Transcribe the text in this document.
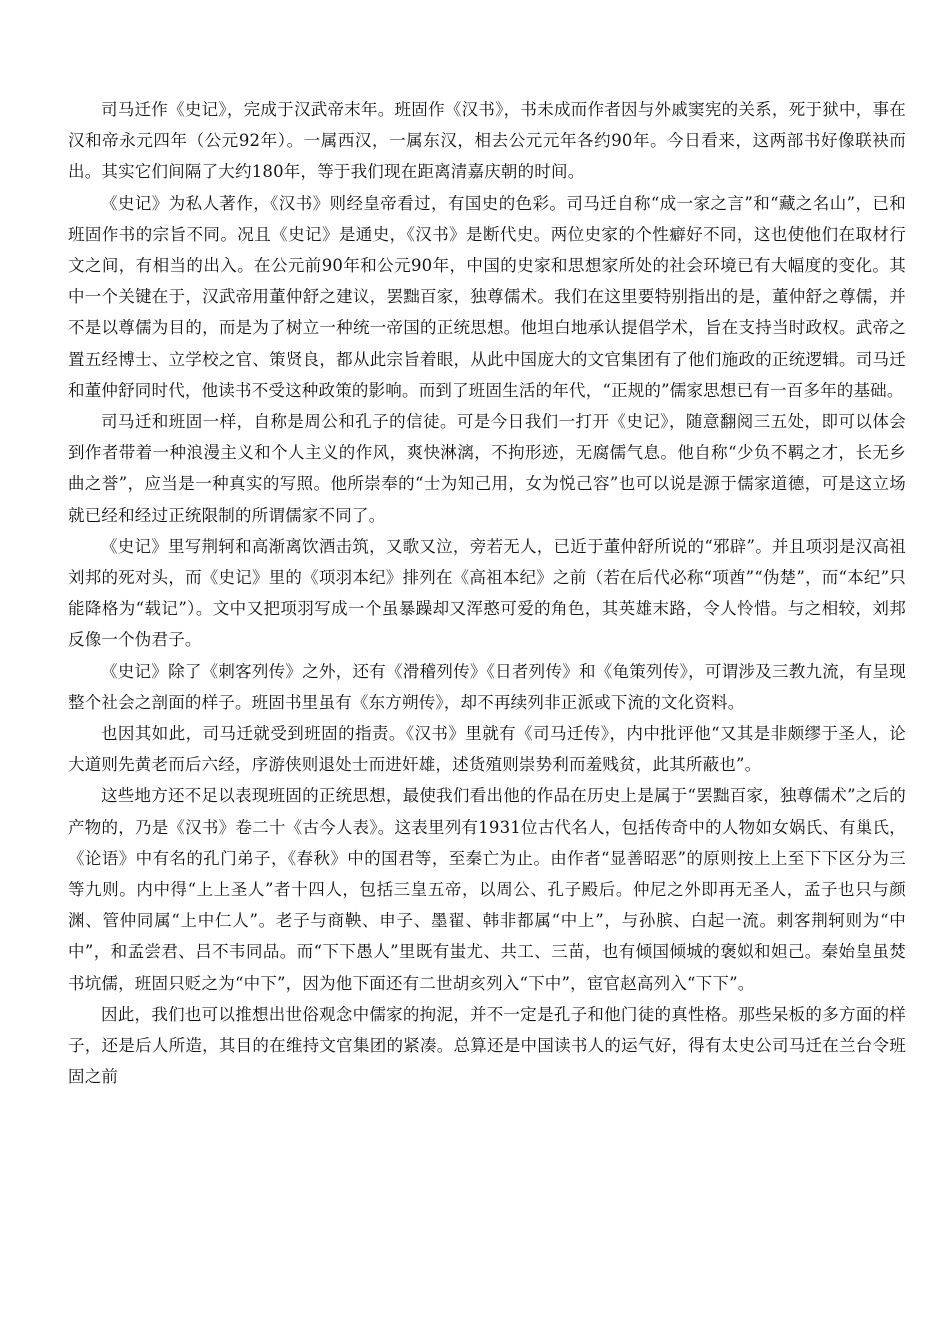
司马迁作《史记》，完成于汉武帝末年。班固作《汉书》，书未成而作者因与外戚窦宪的关系，死于狱中，事在汉和帝永元四年（公元92年）。一属西汉，一属东汉，相去公元元年各约90年。今日看来，这两部书好像联袂而出。其实它们间隔了大约180年，等于我们现在距离清嘉庆朝的时间。

《史记》为私人著作，《汉书》则经皇帝看过，有国史的色彩。司马迁自称“成一家之言”和“藏之名山”，已和班固作书的宗旨不同。况且《史记》是通史，《汉书》是断代史。两位史家的个性癖好不同，这也使他们在取材行文之间，有相当的出入。在公元前90年和公元90年，中国的史家和思想家所处的社会环境已有大幅度的变化。其中一个关键在于，汉武帝用董仲舒之建议，罢黜百家，独尊儒术。我们在这里要特别指出的是，董仲舒之尊儒，并不是以尊儒为目的，而是为了树立一种统一帝国的正统思想。他坦白地承认提倡学术，旨在支持当时政权。武帝之置五经博士、立学校之官、策贤良，都从此宗旨着眼，从此中国庞大的文官集团有了他们施政的正统逻辑。司马迁和董仲舒同时代，他读书不受这种政策的影响。而到了班固生活的年代，“正规的”儒家思想已有一百多年的基础。

司马迁和班固一样，自称是周公和孔子的信徒。可是今日我们一打开《史记》，随意翻阅三五处，即可以体会到作者带着一种浪漫主义和个人主义的作风，爽快淋漓，不拘形迹，无腐儒气息。他自称“少负不羁之才，长无乡曲之誉”，应当是一种真实的写照。他所崇奉的“士为知己用，女为悦己容”也可以说是源于儒家道德，可是这立场就已经和经过正统限制的所谓儒家不同了。

《史记》里写荆轲和高渐离饮酒击筑，又歌又泣，旁若无人，已近于董仲舒所说的“邪辟”。并且项羽是汉高祖刘邦的死对头，而《史记》里的《项羽本纪》排列在《高祖本纪》之前（若在后代必称“项酋”“伪楚”，而“本纪”只能降格为“载记”）。文中又把项羽写成一个虽暴躁却又浑憨可爱的角色，其英雄末路，令人怜惜。与之相较，刘邦反像一个伪君子。

《史记》除了《刺客列传》之外，还有《滑稽列传》《日者列传》和《龟策列传》，可谓涉及三教九流，有呈现整个社会之剖面的样子。班固书里虽有《东方朔传》，却不再续列非正派或下流的文化资料。

也因其如此，司马迁就受到班固的指责。《汉书》里就有《司马迁传》，内中批评他“又其是非颇缪于圣人，论大道则先黄老而后六经，序游侠则退处士而进奸雄，述货殖则崇势利而羞贱贫，此其所蔽也”。

这些地方还不足以表现班固的正统思想，最使我们看出他的作品在历史上是属于“罢黜百家，独尊儒术”之后的产物的，乃是《汉书》卷二十《古今人表》。这表里列有1931位古代名人，包括传奇中的人物如女娲氏、有巢氏，《论语》中有名的孔门弟子，《春秋》中的国君等，至秦亡为止。由作者“显善昭恶”的原则按上上至下下区分为三等九则。内中得“上上圣人”者十四人，包括三皇五帝，以周公、孔子殿后。仲尼之外即再无圣人，孟子也只与颜渊、管仲同属“上中仁人”。老子与商鞅、申子、墨翟、韩非都属“中上”，与孙膑、白起一流。刺客荆轲则为“中中”，和孟尝君、吕不韦同品。而“下下愚人”里既有蚩尤、共工、三苗，也有倾国倾城的褒姒和妲己。秦始皇虽焚书坑儒，班固只贬之为“中下”，因为他下面还有二世胡亥列入“下中”，宦官赵高列入“下下”。

因此，我们也可以推想出世俗观念中儒家的拘泥，并不一定是孔子和他门徒的真性格。那些呆板的多方面的样子，还是后人所造，其目的在维持文官集团的紧凑。总算还是中国读书人的运气好，得有太史公司马迁在兰台令班固之前
